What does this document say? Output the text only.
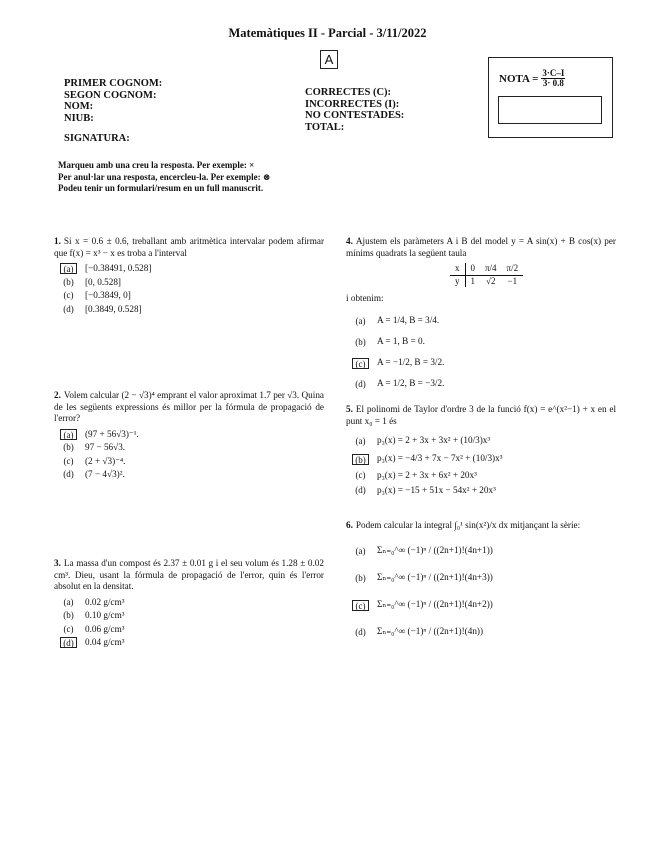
Matemàtiques II - Parcial - 3/11/2022
A
PRIMER COGNOM:
SEGON COGNOM:
NOM:
NIUB:
SIGNATURA:
CORRECTES (C):
INCORRECTES (I):
NO CONTESTADES:
TOTAL:
NOTA = $\frac{3\cdot C-I}{3\cdot 0.8}$
Marqueu amb una creu la resposta. Per exemple: ×
Per anul·lar una resposta, encercleu-la. Per exemple: ⊗
Podeu tenir un formulari/resum en un full manuscrit.
1. Si x = 0.6 ± 0.6, treballant amb aritmètica intervalar podem afirmar que f(x) = x³ − x es troba a l'interval
(a)	[−0.38491, 0.528]
(b)	[0, 0.528]
(c)	[−0.3849, 0]
(d)	[0.3849, 0.528]
2. Volem calcular (2 − √3)⁴ emprant el valor aproximat 1.7 per √3. Quina de les següents expressions és millor per la fórmula de propagació de l'error?
(a)	(97 + 56√3)⁻¹.
(b)	97 − 56√3.
(c)	(2 + √3)⁻⁴.
(d)	(7 − 4√3)².
3. La massa d'un compost és 2.37 ± 0.01 g i el seu volum és 1.28 ± 0.02 cm³. Dieu, usant la fórmula de propagació de l'error, quin és l'error absolut en la densitat.
(a)	0.02 g/cm³
(b)	0.10 g/cm³
(c)	0.06 g/cm³
(d)	0.04 g/cm³
4. Ajustem els paràmeters A i B del model y = A sin(x) + B cos(x) per mínims quadrats la següent taula
x	0	π/4	π/2
y	1	√2	−1
i obtenim:
(a)	A = 1/4, B = 3/4.
(b)	A = 1, B = 0.
(c)	A = −1/2, B = 3/2.
(d)	A = 1/2, B = −3/2.
5. El polinomi de Taylor d'ordre 3 de la funció f(x) = e^(x²−1) + x en el punt x₀ = 1 és
(a)	p₃(x) = 2 + 3x + 3x² + (10/3)x³
(b)	p₃(x) = −4/3 + 7x − 7x² + (10/3)x³
(c)	p₃(x) = 2 + 3x + 6x² + 20x³
(d)	p₃(x) = −15 + 51x − 54x² + 20x³
6. Podem calcular la integral ∫₀¹ sin(x²)/x dx mitjançant la sèrie:
(a)	Σₙ₌₀^∞ (−1)ⁿ / ((2n+1)!(4n+1))
(b)	Σₙ₌₀^∞ (−1)ⁿ / ((2n+1)!(4n+3))
(c)	Σₙ₌₀^∞ (−1)ⁿ / ((2n+1)!(4n+2))
(d)	Σₙ₌₀^∞ (−1)ⁿ / ((2n+1)!(4n))
